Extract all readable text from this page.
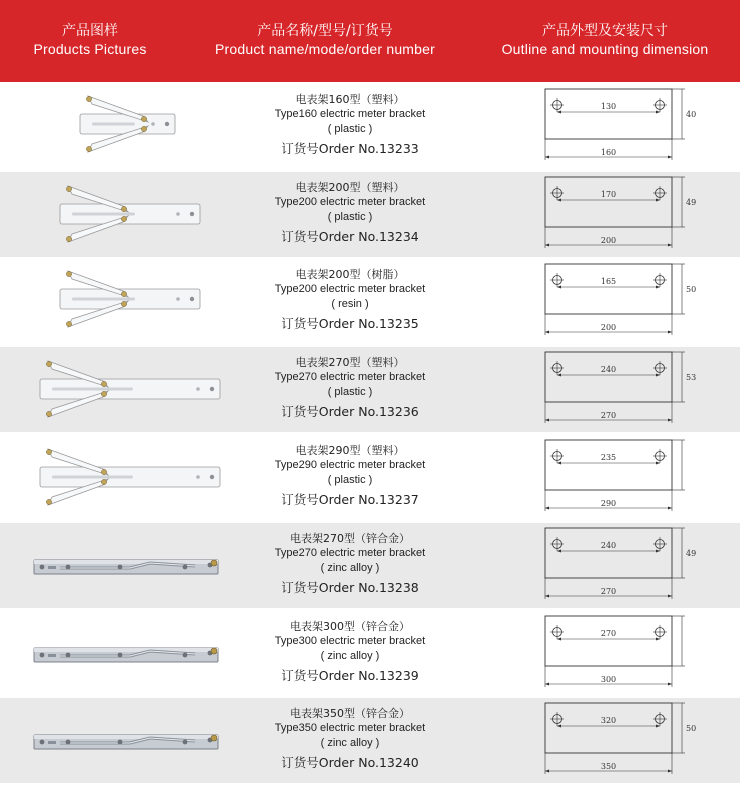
产品图样
Products Pictures
产品名称/型号/订货号
Product name/mode/order number
产品外型及安装尺寸
Outline and mounting dimension
电表架160型（塑料）
Type160 electric meter bracket
( plastic )
订货号Order No.13233
130
160
40
电表架200型（塑料）
Type200 electric meter bracket
( plastic )
订货号Order No.13234
170
200
49
电表架200型（树脂）
Type200 electric meter bracket
( resin )
订货号Order No.13235
165
200
50
电表架270型（塑料）
Type270 electric meter bracket
( plastic )
订货号Order No.13236
240
270
53
电表架290型（塑料）
Type290 electric meter bracket
( plastic )
订货号Order No.13237
235
290
电表架270型（锌合金）
Type270 electric meter bracket
( zinc alloy )
订货号Order No.13238
240
270
49
电表架300型（锌合金）
Type300 electric meter bracket
( zinc alloy )
订货号Order No.13239
270
300
电表架350型（锌合金）
Type350 electric meter bracket
( zinc alloy )
订货号Order No.13240
320
350
50
